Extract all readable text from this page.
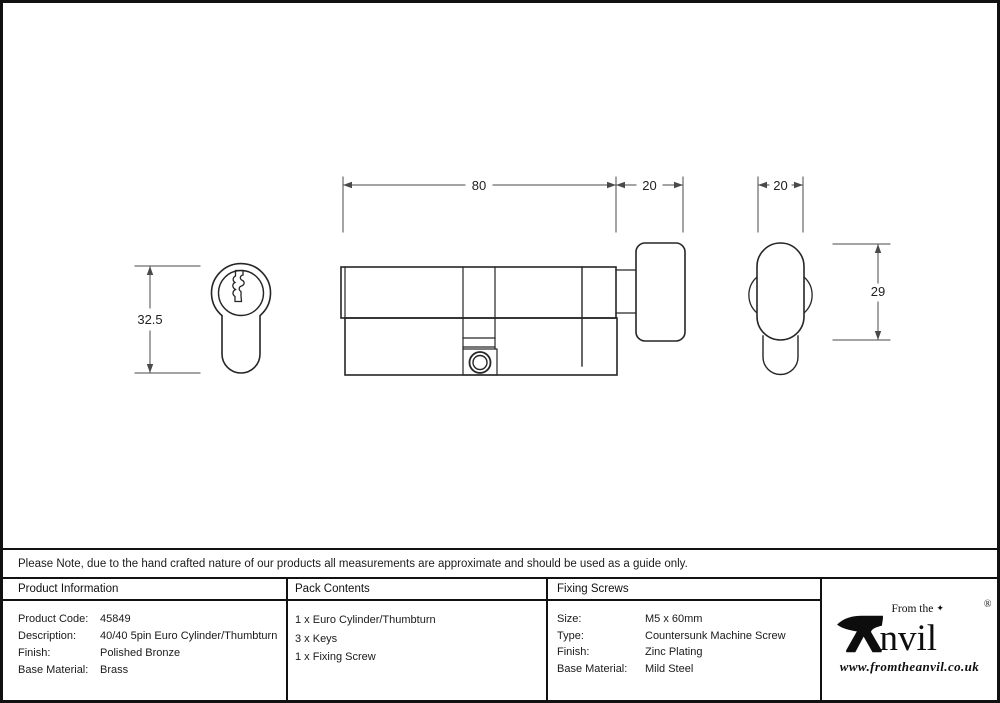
80	20	20
32.5
29
Please Note, due to the hand crafted nature of our products all measurements are approximate and should be used as a guide only.
Product Information
Product Code:	45849
Description:	40/40 5pin Euro Cylinder/Thumbturn
Finish:	Polished Bronze
Base Material:	Brass
Pack Contents
1 x Euro Cylinder/Thumbturn
3 x Keys
1 x Fixing Screw
Fixing Screws
Size:	M5 x 60mm
Type:	Countersunk Machine Screw
Finish:	Zinc Plating
Base Material:	Mild Steel
From the ✦
nvil
®
www.fromtheanvil.co.uk
